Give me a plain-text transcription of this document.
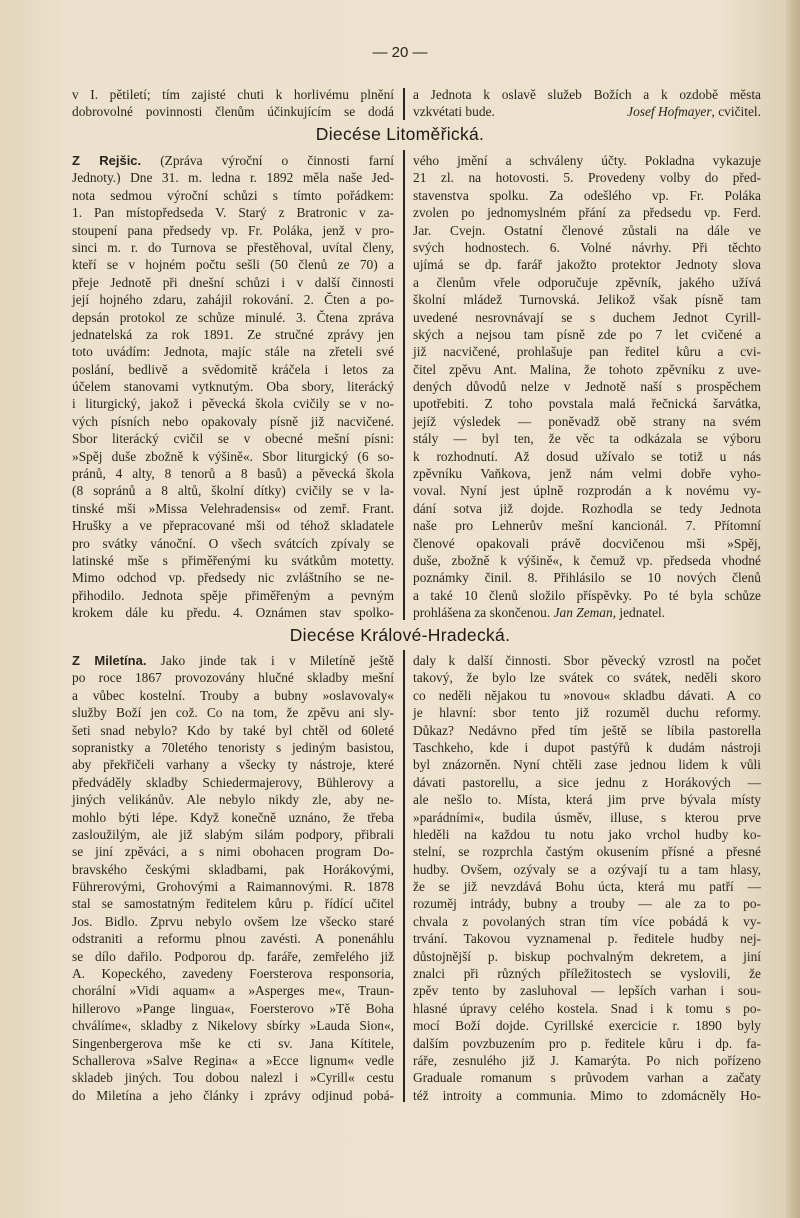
— 20 —
v I. pětiletí; tím zajisté chuti k horlivému plnění
dobrovolné povinnosti členům účinkujícím se dodá
a Jednota k oslavě služeb Božích a k ozdobě města
vzkvétati bude.	Josef Hofmayer, cvičitel.
Diecése Litoměřická.
Z Rejšic. (Zpráva výroční o činnosti farní
Jednoty.) Dne 31. m. ledna r. 1892 měla naše Jed-
nota sedmou výroční schůzi s tímto pořádkem:
1. Pan místopředseda V. Starý z Bratronic v za-
stoupení pana předsedy vp. Fr. Poláka, jenž v pro-
sinci m. r. do Turnova se přestěhoval, uvítal členy,
kteří se v hojném počtu sešli (50 členů ze 70) a
přeje Jednotě při dnešní schůzi i v další činnosti
její hojného zdaru, zahájil rokování. 2. Čten a po-
depsán protokol ze schůze minulé. 3. Čtena zpráva
jednatelská za rok 1891. Ze stručné zprávy jen
toto uvádím: Jednota, majíc stále na zřeteli své
poslání, bedlivě a svědomitě kráčela i letos za
účelem stanovami vytknutým. Oba sbory, literácký
i liturgický, jakož i pěvecká škola cvičily se v no-
vých písních nebo opakovaly písně již nacvičené.
Sbor literácký cvičil se v obecné mešní písni:
»Spěj duše zbožně k výšině«. Sbor liturgický (6 so-
pránů, 4 alty, 8 tenorů a 8 basů) a pěvecká škola
(8 sopránů a 8 altů, školní dítky) cvičily se v la-
tinské mši »Missa Velehradensis« od zemř. Frant.
Hrušky a ve přepracované mši od téhož skladatele
pro svátky vánoční. O všech svátcích zpívaly se
latinské mše s přiměřenými ku svátkům motetty.
Mimo odchod vp. předsedy nic zvláštního se ne-
přihodilo. Jednota spěje přiměřeným a pevným
krokem dále ku předu. 4. Oznámen stav spolko-
vého jmění a schváleny účty. Pokladna vykazuje
21 zl. na hotovosti. 5. Provedeny volby do před-
stavenstva spolku. Za odešlého vp. Fr. Poláka
zvolen po jednomyslném přání za předsedu vp. Ferd.
Jar. Cvejn. Ostatní členové zůstali na dále ve
svých hodnostech. 6. Volné návrhy. Při těchto
ujímá se dp. farář jakožto protektor Jednoty slova
a členům vřele odporučuje zpěvník, jakého užívá
školní mládež Turnovská. Jelikož však písně tam
uvedené nesrovnávají se s duchem Jednot Cyrill-
ských a nejsou tam písně zde po 7 let cvičené a
již nacvičené, prohlašuje pan ředitel kůru a cvi-
čitel zpěvu Ant. Malina, že tohoto zpěvníku z uve-
dených důvodů nelze v Jednotě naší s prospěchem
upotřebiti. Z toho povstala malá řečnická šarvátka,
jejíž výsledek — poněvadž obě strany na svém
stály — byl ten, že věc ta odkázala se výboru
k rozhodnutí. Až dosud užívalo se totiž u nás
zpěvníku Vaňkova, jenž nám velmi dobře vyho-
voval. Nyní jest úplně rozprodán a k novému vy-
dání sotva již dojde. Rozhodla se tedy Jednota
naše pro Lehnerův mešní kancionál. 7. Přítomní
členové opakovali právě docvičenou mši »Spěj,
duše, zbožně k výšině«, k čemuž vp. předseda vhodné
poznámky činil. 8. Přihlásilo se 10 nových členů
a také 10 členů složilo příspěvky. Po té byla schůze
prohlášena za skončenou. Jan Zeman, jednatel.
Diecése Králové-Hradecká.
Z Miletína. Jako jinde tak i v Miletíně ještě
po roce 1867 provozovány hlučné skladby mešní
a vůbec kostelní. Trouby a bubny »oslavovaly«
služby Boží jen což. Co na tom, že zpěvu ani sly-
šeti snad nebylo? Kdo by také byl chtěl od 60leté
sopranistky a 70letého tenoristy s jediným basistou,
aby překřičeli varhany a všecky ty nástroje, které
předváděly skladby Schiedermajerovy, Bühlerovy a
jiných velikánův. Ale nebylo nikdy zle, aby ne-
mohlo býti lépe. Když konečně uznáno, že třeba
zasloužilým, ale již slabým silám podpory, přibrali
se jiní zpěváci, a s nimi obohacen program Do-
bravského českými skladbami, pak Horákovými,
Führerovými, Grohovými a Raimannovými. R. 1878
stal se samostatným ředitelem kůru p. řídící učitel
Jos. Bidlo. Zprvu nebylo ovšem lze všecko staré
odstraniti a reformu plnou zavésti. A ponenáhlu
se dílo dařilo. Podporou dp. faráře, zemřelého již
A. Kopeckého, zavedeny Foersterova responsoria,
chorální »Vidi aquam« a »Asperges me«, Traun-
hillerovo »Pange lingua«, Foersterovo »Tě Boha
chválíme«, skladby z Nikelovy sbírky »Lauda Sion«,
Singenbergerova mše ke cti sv. Jana Kítitele,
Schallerova »Salve Regina« a »Ecce lignum« vedle
skladeb jiných. Tou dobou nalezl i »Cyrill« cestu
do Miletína a jeho články i zprávy odjinud pobá-
daly k další činnosti. Sbor pěvecký vzrostl na počet
takový, že bylo lze svátek co svátek, neděli skoro
co neděli nějakou tu »novou« skladbu dávati. A co
je hlavní: sbor tento již rozuměl duchu reformy.
Důkaz? Nedávno před tím ještě se líbila pastorella
Taschkeho, kde i dupot pastýřů k dudám nástroji
byl znázorněn. Nyní chtěli zase jednou lidem k vůli
dávati pastorellu, a sice jednu z Horákových —
ale nešlo to. Místa, která jim prve bývala místy
»parádními«, budila úsměv, illuse, s kterou prve
hleděli na každou tu notu jako vrchol hudby ko-
stelní, se rozprchla častým okusením přísné a přesné
hudby. Ovšem, ozývaly se a ozývají tu a tam hlasy,
že se již nevzdává Bohu úcta, která mu patří —
rozuměj intrády, bubny a trouby — ale za to po-
chvala z povolaných stran tím více pobádá k vy-
trvání. Takovou vyznamenal p. ředitele hudby nej-
důstojnější p. biskup pochvalným dekretem, a jiní
znalci při různých příležitostech se vyslovili, že
zpěv tento by zasluhoval — lepších varhan i sou-
hlasné úpravy celého kostela. Snad i k tomu s po-
mocí Boží dojde. Cyrillské exercicie r. 1890 byly
dalším povzbuzením pro p. ředitele kůru i dp. fa-
ráře, zesnulého již J. Kamarýta. Po nich pořízeno
Graduale romanum s průvodem varhan a začaty
též introity a communia. Mimo to zdomácněly Ho-
